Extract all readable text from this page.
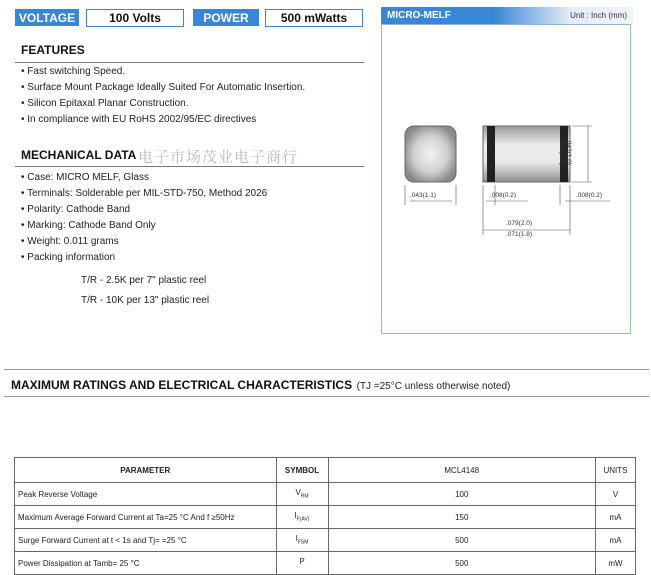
VOLTAGE	100 Volts	POWER	500 mWatts	MICRO-MELF	Unit : Inch (mm)
.043(1.1)	.008(0.2)	.008(0.2)
.079(2.0)
.071(1.8)
.043(1.0)
.059(1.5)
FEATURES
• Fast switching Speed.
• Surface Mount Package Ideally Suited For Automatic Insertion.
• Silicon Epitaxal Planar Construction.
• In compliance with EU RoHS 2002/95/EC directives
电子市场茂业电子商行
MECHANICAL DATA
• Case: MICRO MELF, Glass
• Terminals: Solderable per MIL-STD-750, Method 2026
• Polarity: Cathode Band
• Marking: Cathode Band Only
• Weight: 0.011 grams
• Packing information
T/R - 2.5K per 7" plastic reel
T/R - 10K per 13" plastic reel
MAXIMUM RATINGS AND ELECTRICAL CHARACTERISTICS (TJ =25°C unless otherwise noted)
PARAMETER	SYMBOL	MCL4148	UNITS
Peak Reverse Voltage	$V_{RM}$	100	V
Maximum Average Forward Current at Ta=25 °C And f ≥50Hz	$I_{F(AV)}$	150	mA
Surge Forward Current at t < 1s and Tj= =25 °C	$I_{FSM}$	500	mA
Power Dissipation at Tamb= 25 °C	P	500	mW
